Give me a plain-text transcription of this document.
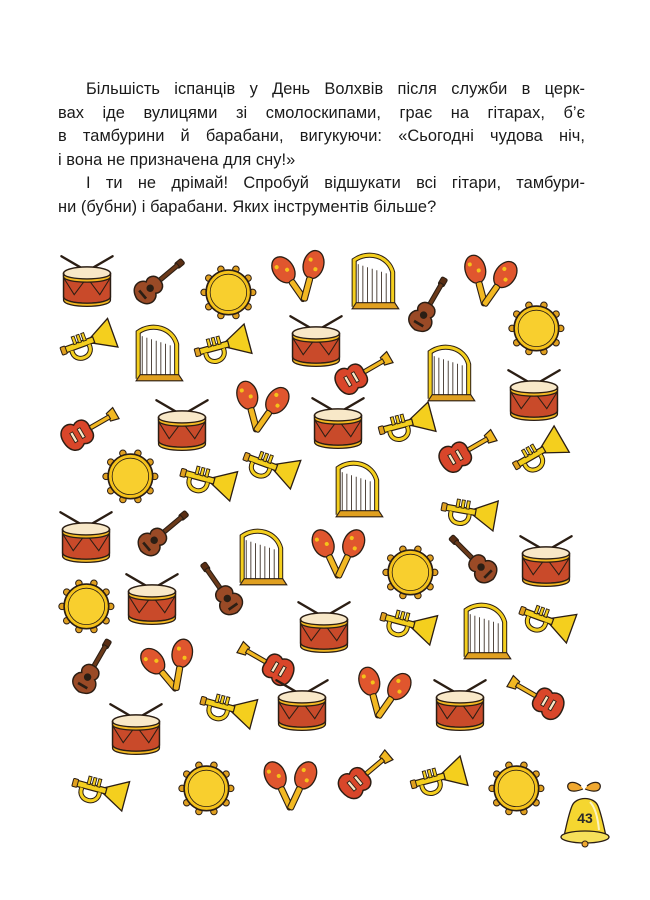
Більшість іспанців у День Волхвів після служби в церк-
вах іде вулицями зі смолоскипами, грає на гітарах, б’є
в тамбурини й барабани, вигукуючи: «Сьогодні чудова ніч,
і вона не призначена для сну!»

І ти не дрімай! Спробуй відшукати всі гітари, тамбури-
ни (бубни) і барабани. Яких інструментів більше?

43
